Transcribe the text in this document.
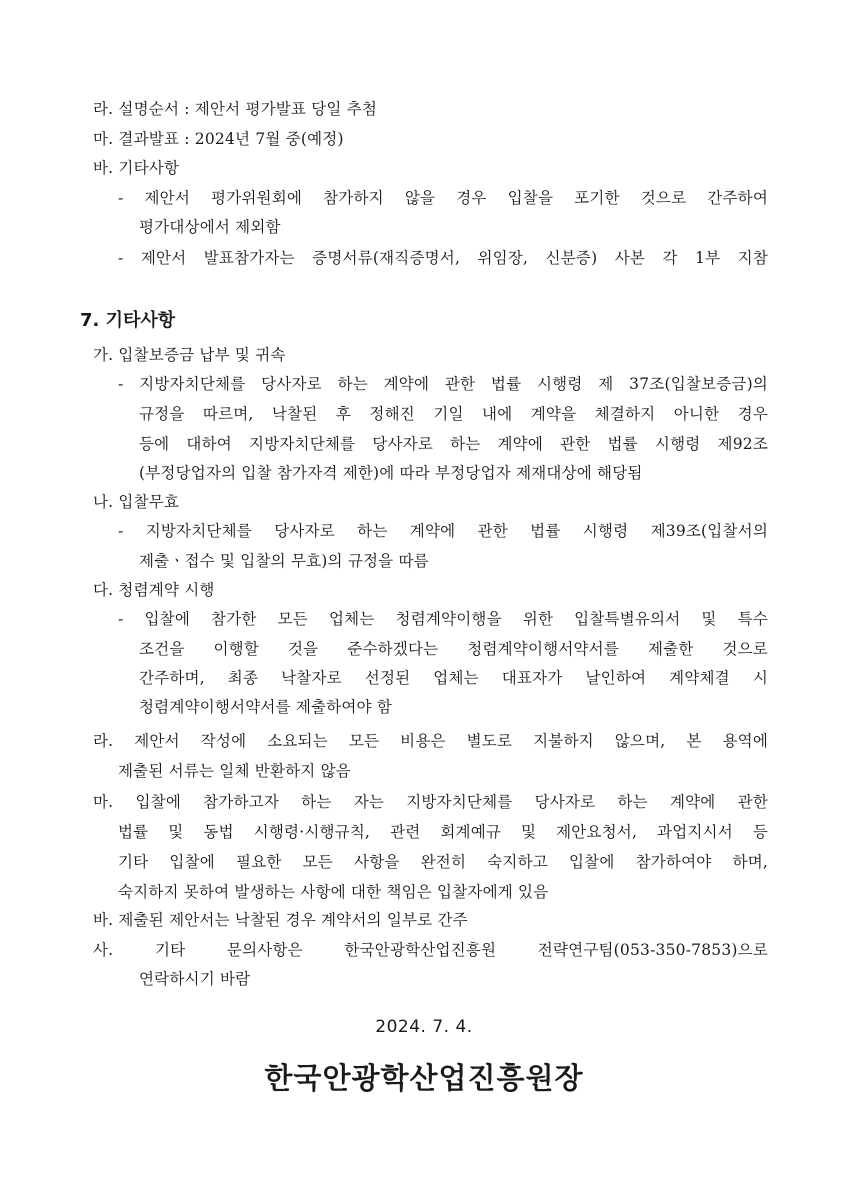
라. 설명순서 : 제안서 평가발표 당일 추첨
마. 결과발표 : 2024년 7월 중(예정)
바. 기타사항
- 제안서 평가위원회에 참가하지 않을 경우 입찰을 포기한 것으로 간주하여
평가대상에서 제외함
- 제안서 발표참가자는 증명서류(재직증명서, 위임장, 신분증) 사본 각 1부 지참
7. 기타사항
가. 입찰보증금 납부 및 귀속
- 지방자치단체를 당사자로 하는 계약에 관한 법률 시행령 제 37조(입찰보증금)의
규정을 따르며, 낙찰된 후 정해진 기일 내에 계약을 체결하지 아니한 경우
등에 대하여 지방자치단체를 당사자로 하는 계약에 관한 법률 시행령 제92조
(부정당업자의 입찰 참가자격 제한)에 따라 부정당업자 제재대상에 해당됨
나. 입찰무효
- 지방자치단체를 당사자로 하는 계약에 관한 법률 시행령 제39조(입찰서의
제출ㆍ접수 및 입찰의 무효)의 규정을 따름
다. 청렴계약 시행
- 입찰에 참가한 모든 업체는 청렴계약이행을 위한 입찰특별유의서 및 특수
조건을 이행할 것을 준수하겠다는 청렴계약이행서약서를 제출한 것으로
간주하며, 최종 낙찰자로 선정된 업체는 대표자가 날인하여 계약체결 시
청렴계약이행서약서를 제출하여야 함
라. 제안서 작성에 소요되는 모든 비용은 별도로 지불하지 않으며, 본 용역에
제출된 서류는 일체 반환하지 않음
마. 입찰에 참가하고자 하는 자는 지방자치단체를 당사자로 하는 계약에 관한
법률 및 동법 시행령·시행규칙, 관련 회계예규 및 제안요청서, 과업지시서 등
기타 입찰에 필요한 모든 사항을 완전히 숙지하고 입찰에 참가하여야 하며,
숙지하지 못하여 발생하는 사항에 대한 책임은 입찰자에게 있음
바. 제출된 제안서는 낙찰된 경우 계약서의 일부로 간주
사. 기타 문의사항은 한국안광학산업진흥원 전략연구팀(053-350-7853)으로
연락하시기 바람
2024. 7. 4.
한국안광학산업진흥원장
